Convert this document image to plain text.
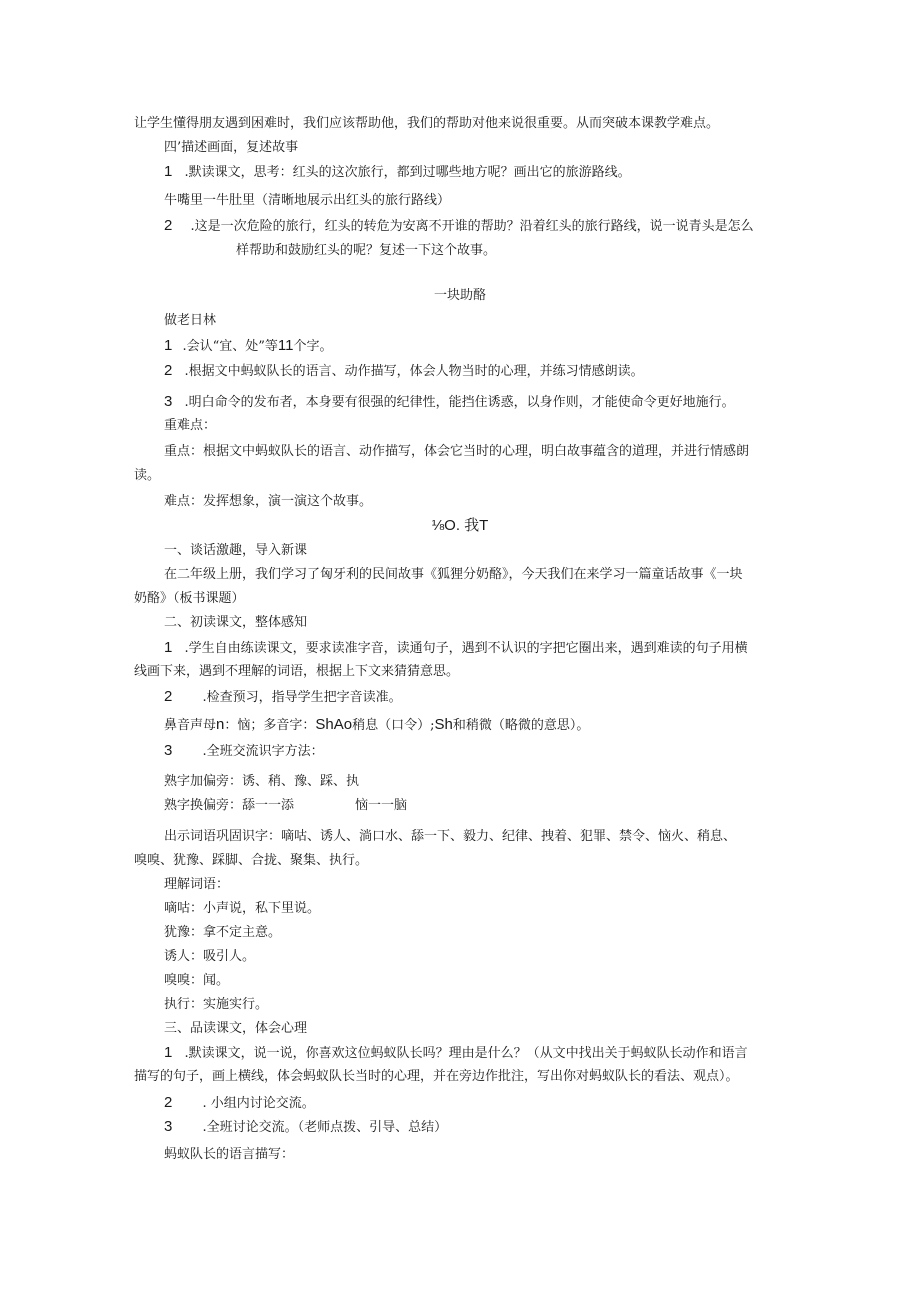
让学生懂得朋友遇到困难时，我们应该帮助他，我们的帮助对他来说很重要。从而突破本课教学难点。
四’描述画面，复述故事
1 .默读课文，思考：红头的这次旅行，都到过哪些地方呢？画出它的旅游路线。
牛嘴里一牛肚里（清晰地展示出红头的旅行路线）
2 .这是一次危险的旅行，红头的转危为安离不开谁的帮助？沿着红头的旅行路线，说一说青头是怎么
样帮助和鼓励红头的呢？复述一下这个故事。
一块助酪
做老日林
1 .会认“宜、处”等11个字。
2 .根据文中蚂蚁队长的语言、动作描写，体会人物当时的心理，并练习情感朗读。
3 .明白命令的发布者，本身要有很强的纪律性，能挡住诱惑，以身作则，才能使命令更好地施行。
重难点：
重点：根据文中蚂蚁队长的语言、动作描写，体会它当时的心理，明白故事蕴含的道理，并进行情感朗
读。
难点：发挥想象，演一演这个故事。
⅛O. 我T
一、谈话激趣，导入新课
在二年级上册，我们学习了匈牙利的民间故事《狐狸分奶酪》，今天我们在来学习一篇童话故事《一块
奶酪》（板书课题）
二、初读课文，整体感知
1 .学生自由练读课文，要求读准字音，读通句子，遇到不认识的字把它圈出来，遇到难读的句子用横
线画下来，遇到不理解的词语，根据上下文来猜猜意思。
2 .检查预习，指导学生把字音读准。
鼻音声母n：恼；多音字：ShAo稍息（口令）;Sh和稍微（略微的意思）。
3 .全班交流识字方法：
熟字加偏旁：诱、稍、豫、踩、执
熟字换偏旁：舔一一添	恼一一脑
出示词语巩固识字：嘀咕、诱人、淌口水、舔一下、毅力、纪律、拽着、犯罪、禁令、恼火、稍息、
嗅嗅、犹豫、踩脚、合拢、聚集、执行。
理解词语：
嘀咕：小声说，私下里说。
犹豫：拿不定主意。
诱人：吸引人。
嗅嗅：闻。
执行：实施实行。
三、品读课文，体会心理
1 .默读课文，说一说，你喜欢这位蚂蚁队长吗？理由是什么？（从文中找出关于蚂蚁队长动作和语言
描写的句子，画上横线，体会蚂蚁队长当时的心理，并在旁边作批注，写出你对蚂蚁队长的看法、观点）。
2 . 小组内讨论交流。
3 .全班讨论交流。（老师点拨、引导、总结）
蚂蚁队长的语言描写：
